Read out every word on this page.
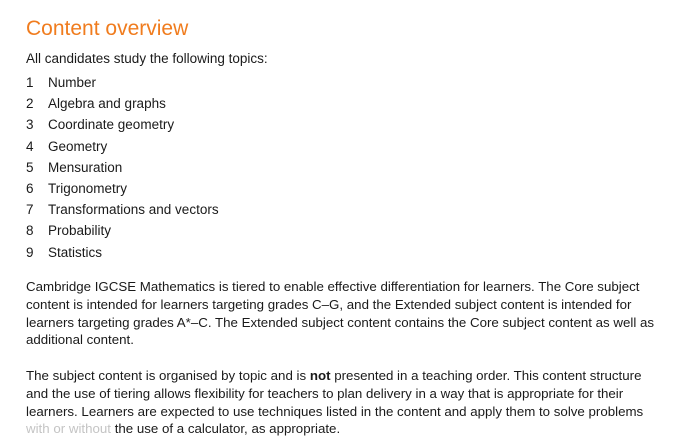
Content overview

All candidates study the following topics:

1	Number
2	Algebra and graphs
3	Coordinate geometry
4	Geometry
5	Mensuration
6	Trigonometry
7	Transformations and vectors
8	Probability
9	Statistics

Cambridge IGCSE Mathematics is tiered to enable effective differentiation for learners. The Core subject content is intended for learners targeting grades C–G, and the Extended subject content is intended for learners targeting grades A*–C. The Extended subject content contains the Core subject content as well as additional content.

The subject content is organised by topic and is not presented in a teaching order. This content structure and the use of tiering allows flexibility for teachers to plan delivery in a way that is appropriate for their learners. Learners are expected to use techniques listed in the content and apply them to solve problems with or without the use of a calculator, as appropriate.
